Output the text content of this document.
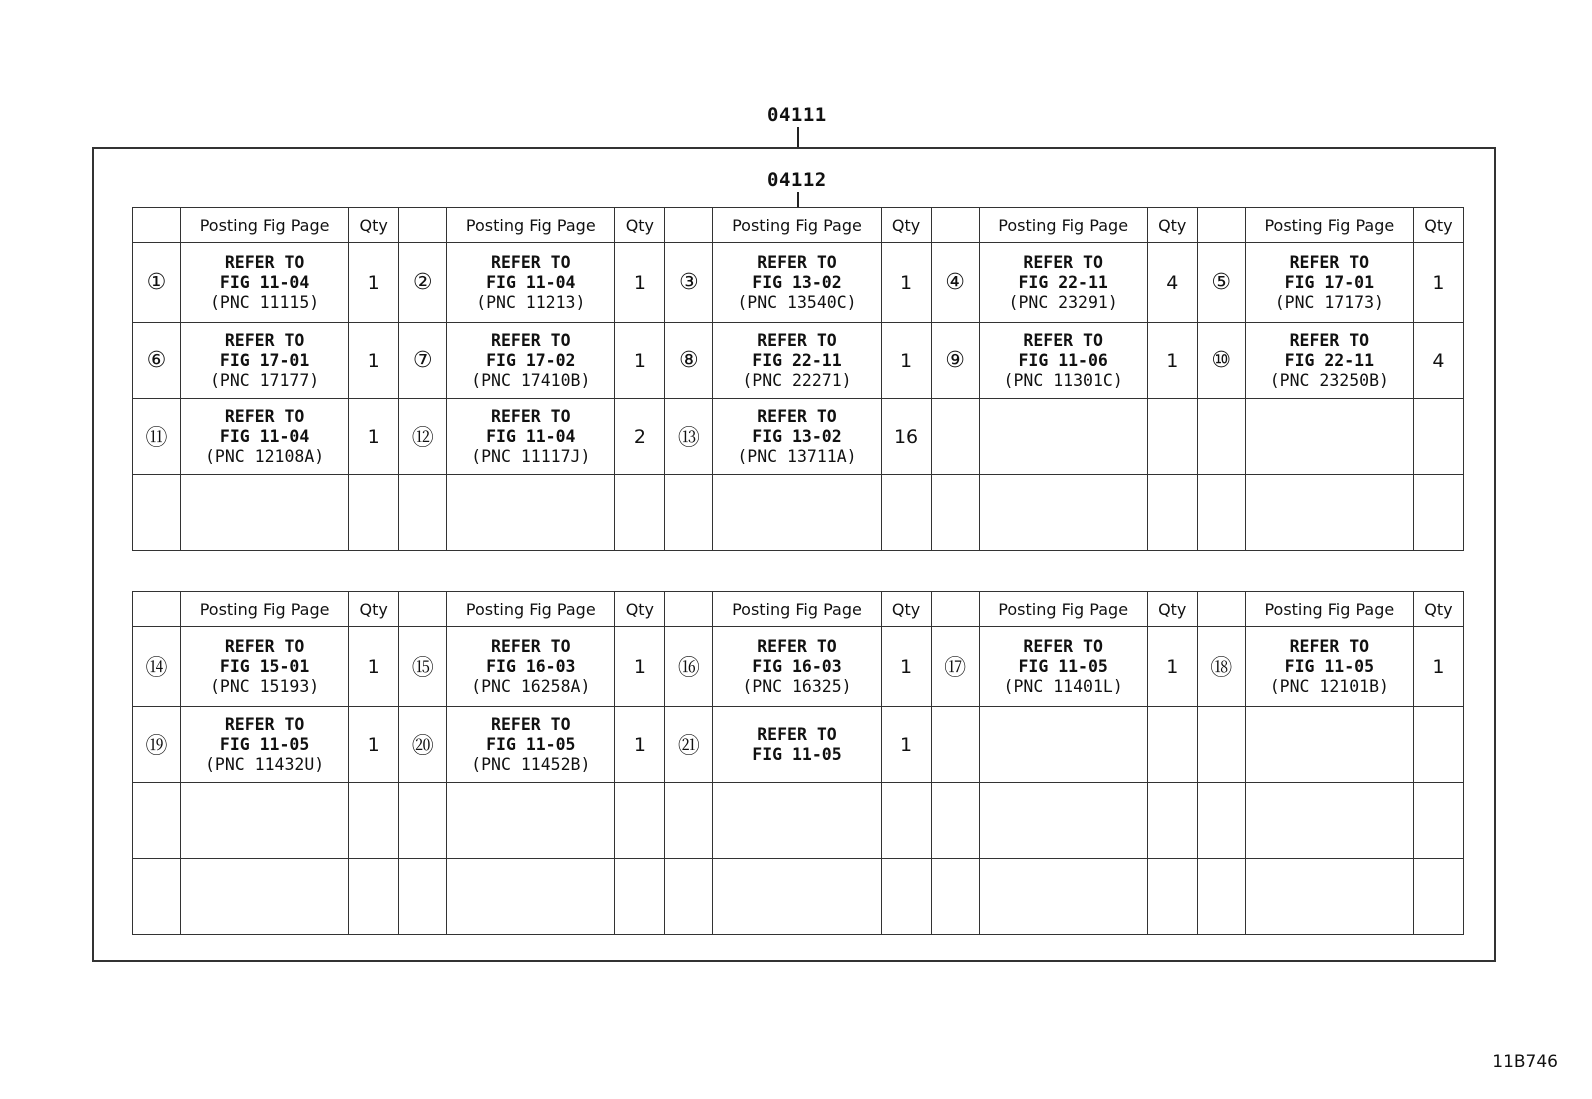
04111
04112
	Posting Fig Page	Qty		Posting Fig Page	Qty		Posting Fig Page	Qty		Posting Fig Page	Qty		Posting Fig Page	Qty
①	REFER TO
FIG 11-04
(PNC 11115)	1	②	REFER TO
FIG 11-04
(PNC 11213)	1	③	REFER TO
FIG 13-02
(PNC 13540C)	1	④	REFER TO
FIG 22-11
(PNC 23291)	4	⑤	REFER TO
FIG 17-01
(PNC 17173)	1
⑥	REFER TO
FIG 17-01
(PNC 17177)	1	⑦	REFER TO
FIG 17-02
(PNC 17410B)	1	⑧	REFER TO
FIG 22-11
(PNC 22271)	1	⑨	REFER TO
FIG 11-06
(PNC 11301C)	1	⑩	REFER TO
FIG 22-11
(PNC 23250B)	4
⑪	REFER TO
FIG 11-04
(PNC 12108A)	1	⑫	REFER TO
FIG 11-04
(PNC 11117J)	2	⑬	REFER TO
FIG 13-02
(PNC 13711A)	16						

	Posting Fig Page	Qty		Posting Fig Page	Qty		Posting Fig Page	Qty		Posting Fig Page	Qty		Posting Fig Page	Qty
⑭	REFER TO
FIG 15-01
(PNC 15193)	1	⑮	REFER TO
FIG 16-03
(PNC 16258A)	1	⑯	REFER TO
FIG 16-03
(PNC 16325)	1	⑰	REFER TO
FIG 11-05
(PNC 11401L)	1	⑱	REFER TO
FIG 11-05
(PNC 12101B)	1
⑲	REFER TO
FIG 11-05
(PNC 11432U)	1	⑳	REFER TO
FIG 11-05
(PNC 11452B)	1	㉑	REFER TO
FIG 11-05	1						

11B746
